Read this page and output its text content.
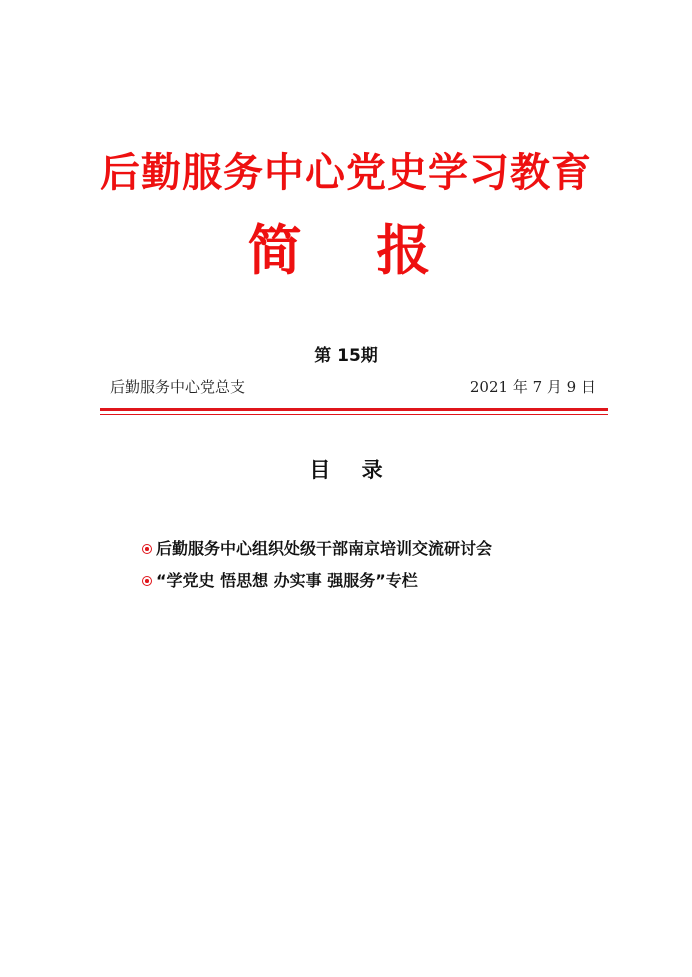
后勤服务中心党史学习教育
简 报
第 15期
后勤服务中心党总支	2021 年 7 月 9 日
目 录
后勤服务中心组织处级干部南京培训交流研讨会
“学党史 悟思想 办实事 强服务”专栏
